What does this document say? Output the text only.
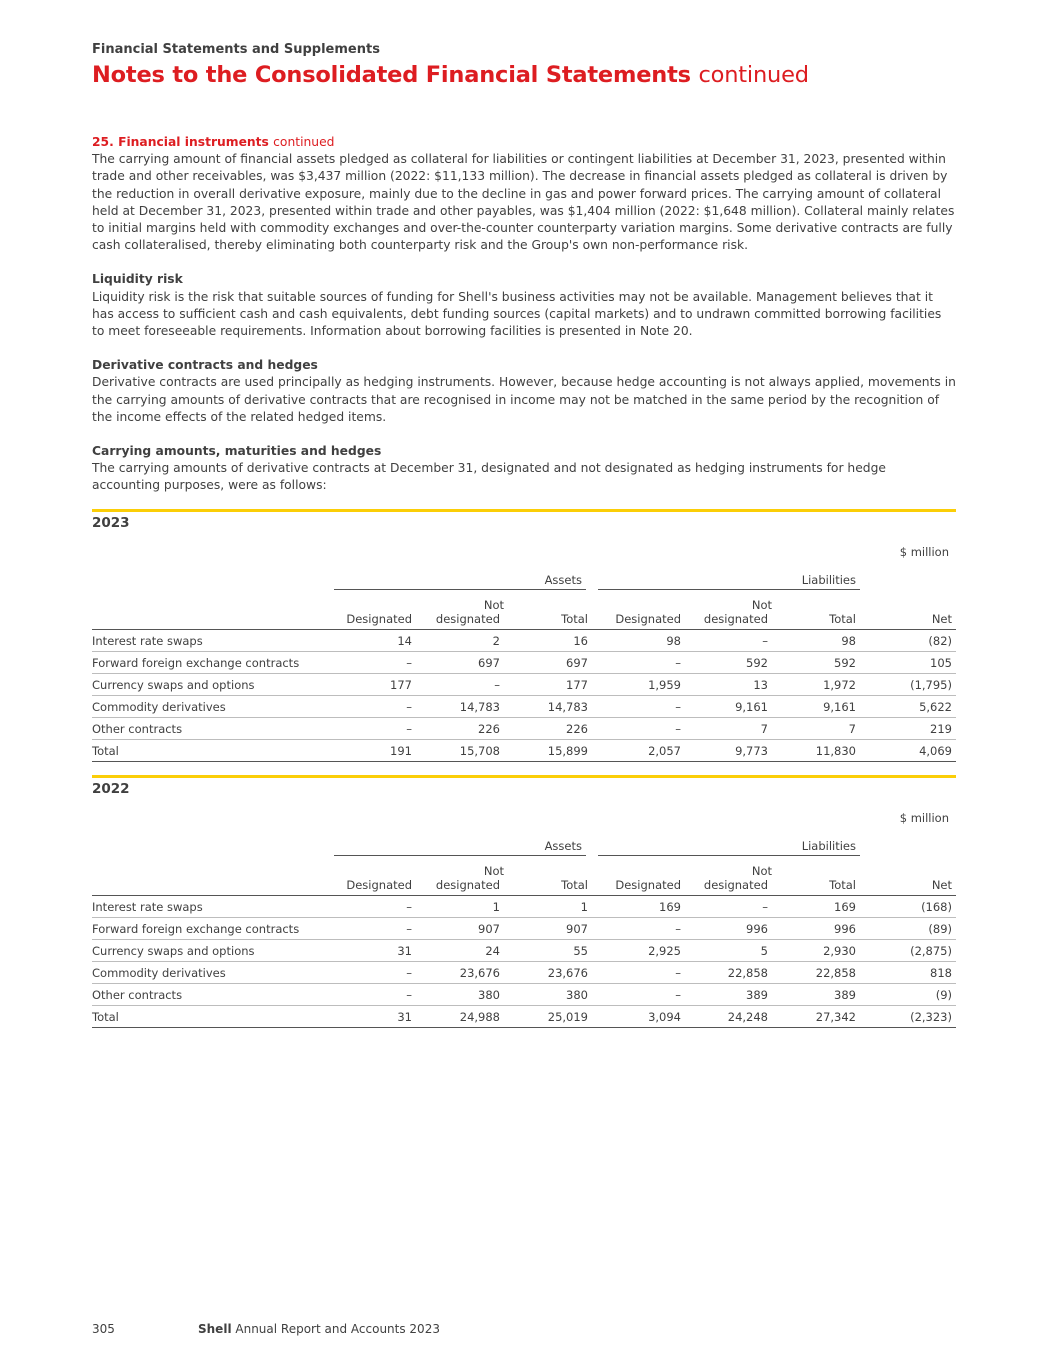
Financial Statements and Supplements
Notes to the Consolidated Financial Statements continued

25. Financial instruments continued

The carrying amount of financial assets pledged as collateral for liabilities or contingent liabilities at December 31, 2023, presented within trade and other receivables, was $3,437 million (2022: $11,133 million). The decrease in financial assets pledged as collateral is driven by the reduction in overall derivative exposure, mainly due to the decline in gas and power forward prices. The carrying amount of collateral held at December 31, 2023, presented within trade and other payables, was $1,404 million (2022: $1,648 million). Collateral mainly relates to initial margins held with commodity exchanges and over-the-counter counterparty variation margins. Some derivative contracts are fully cash collateralised, thereby eliminating both counterparty risk and the Group's own non-performance risk.

Liquidity risk

Liquidity risk is the risk that suitable sources of funding for Shell's business activities may not be available. Management believes that it has access to sufficient cash and cash equivalents, debt funding sources (capital markets) and to undrawn committed borrowing facilities to meet foreseeable requirements. Information about borrowing facilities is presented in Note 20.

Derivative contracts and hedges

Derivative contracts are used principally as hedging instruments. However, because hedge accounting is not always applied, movements in the carrying amounts of derivative contracts that are recognised in income may not be matched in the same period by the recognition of the income effects of the related hedged items.

Carrying amounts, maturities and hedges

The carrying amounts of derivative contracts at December 31, designated and not designated as hedging instruments for hedge accounting purposes, were as follows:

2023
$ million
	Assets			Liabilities			
	Designated	Not
designated	Total	Designated	Not
designated	Total	Net
Interest rate swaps	14	2	16	98	–	98	(82)
Forward foreign exchange contracts	–	697	697	–	592	592	105
Currency swaps and options	177	–	177	1,959	13	1,972	(1,795)
Commodity derivatives	–	14,783	14,783	–	9,161	9,161	5,622
Other contracts	–	226	226	–	7	7	219
Total	191	15,708	15,899	2,057	9,773	11,830	4,069
2022
$ million
	Assets			Liabilities			
	Designated	Not
designated	Total	Designated	Not
designated	Total	Net
Interest rate swaps	–	1	1	169	–	169	(168)
Forward foreign exchange contracts	–	907	907	–	996	996	(89)
Currency swaps and options	31	24	55	2,925	5	2,930	(2,875)
Commodity derivatives	–	23,676	23,676	–	22,858	22,858	818
Other contracts	–	380	380	–	389	389	(9)
Total	31	24,988	25,019	3,094	24,248	27,342	(2,323)
305	Shell Annual Report and Accounts 2023
